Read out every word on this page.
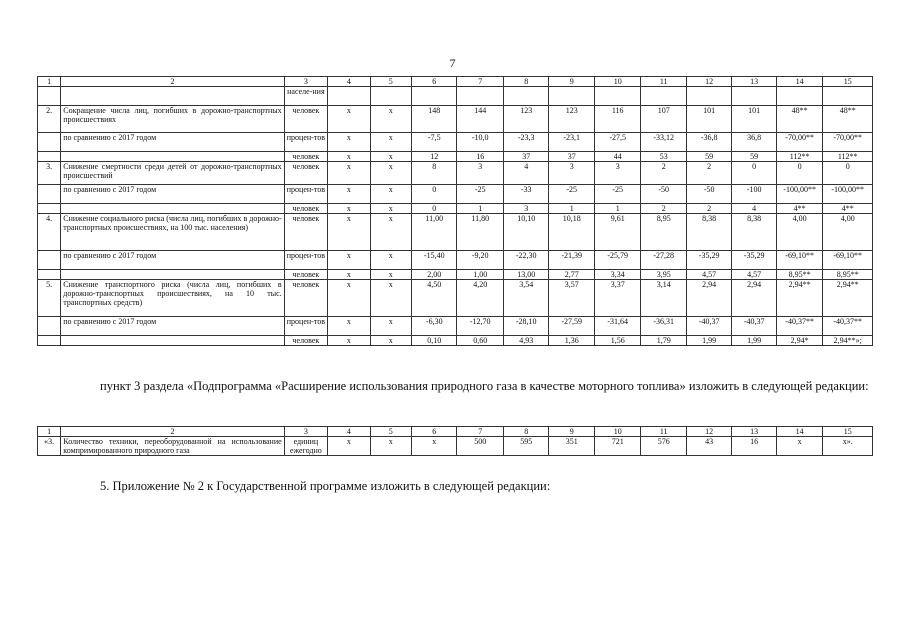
7
1	2	3	4	5	6	7	8	9	10	11	12	13	14	15
		населе-ния												
2.	Сокращение числа лиц, погибших в дорожно-транспортных происшествиях	человек	х	х	148	144	123	123	116	107	101	101	48**	48**
	по сравнению с 2017 годом	процен-тов	х	х	-7,5	-10,0	-23,3	-23,1	-27,5	-33,12	-36,8	36,8	-70,00**	-70,00**
		человек	х	х	12	16	37	37	44	53	59	59	112**	112**
3.	Снижение смертности среди детей от дорожно-транспортных происшествий	человек	х	х	8	3	4	3	3	2	2	0	0	0
	по сравнению с 2017 годом	процен-тов	х	х	0	-25	-33	-25	-25	-50	-50	-100	-100,00**	-100,00**
		человек	х	х	0	1	3	1	1	2	2	4	4**	4**
4.	Снижение социального риска (числа лиц, погибших в дорожно-транспортных происшествиях, на 100 тыс. населения)	человек	х	х	11,00	11,80	10,10	10,18	9,61	8,95	8,38	8,38	4,00	4,00
	по сравнению с 2017 годом	процен-тов	х	х	-15,40	-9,20	-22,30	-21,39	-25,79	-27,28	-35,29	-35,29	-69,10**	-69,10**
		человек	х	х	2,00	1,00	13,00	2,77	3,34	3,95	4,57	4,57	8,95**	8,95**
5.	Снижение транспортного риска (числа лиц, погибших в дорожно-транспортных происшествиях, на 10 тыс. транспортных средств)	человек	х	х	4,50	4,20	3,54	3,57	3,37	3,14	2,94	2,94	2,94**	2,94**
	по сравнению с 2017 годом	процен-тов	х	х	-6,30	-12,70	-28,10	-27,59	-31,64	-36,31	-40,37	-40,37	-40,37**	-40,37**
		человек	х	х	0,10	0,60	4,93	1,36	1,56	1,79	1,99	1,99	2,94*	2,94**»;

пункт 3 раздела «Подпрограмма «Расширение использования природного газа в качестве моторного топлива» изложить в следующей редакции:

1	2	3	4	5	6	7	8	9	10	11	12	13	14	15
«3.	Количество техники, переоборудованной на использование компримированного природного газа	единиц ежегодно	х	х	х	500	595	351	721	576	43	16	х	х».

5. Приложение № 2 к Государственной программе изложить в следующей редакции:
